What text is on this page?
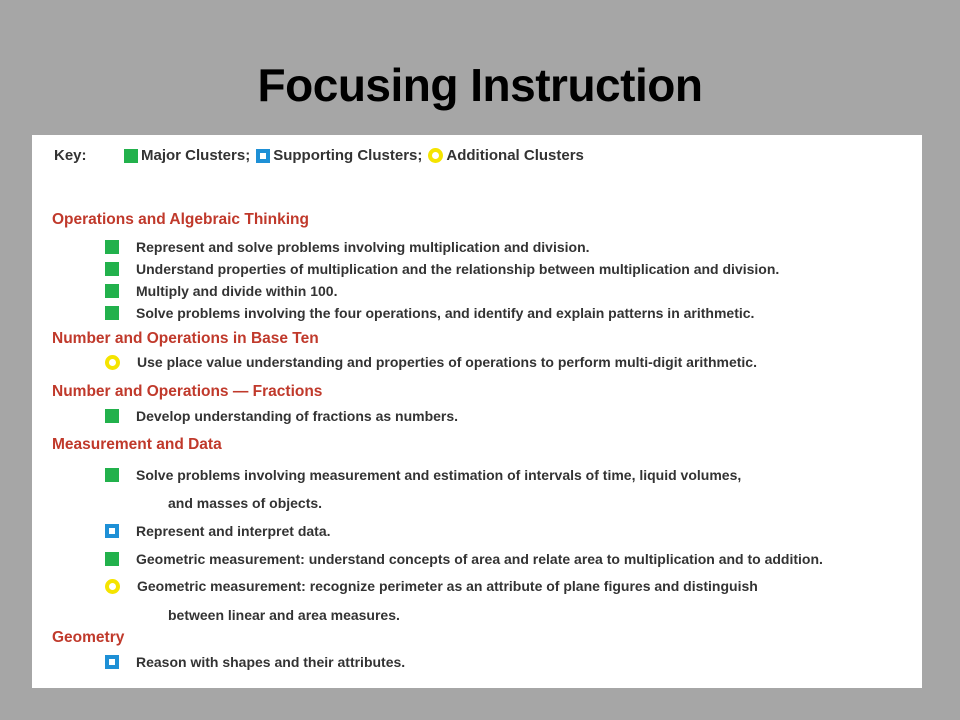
Focusing Instruction
Key:	Major Clusters; Supporting Clusters; Additional Clusters
Operations and Algebraic Thinking
Represent and solve problems involving multiplication and division.
Understand properties of multiplication and the relationship between multiplication and division.
Multiply and divide within 100.
Solve problems involving the four operations, and identify and explain patterns in arithmetic.
Number and Operations in Base Ten
Use place value understanding and properties of operations to perform multi-digit arithmetic.
Number and Operations — Fractions
Develop understanding of fractions as numbers.
Measurement and Data
Solve problems involving measurement and estimation of intervals of time, liquid volumes,
and masses of objects.
Represent and interpret data.
Geometric measurement: understand concepts of area and relate area to multiplication and to addition.
Geometric measurement: recognize perimeter as an attribute of plane figures and distinguish
between linear and area measures.
Geometry
Reason with shapes and their attributes.
